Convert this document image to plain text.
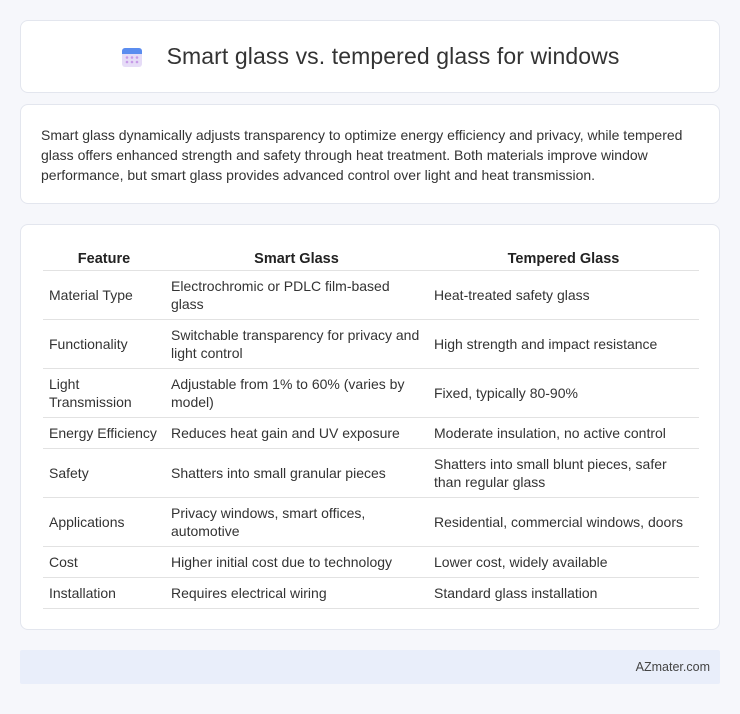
Smart glass vs. tempered glass for windows

Smart glass dynamically adjusts transparency to optimize energy efficiency and privacy, while tempered glass offers enhanced strength and safety through heat treatment. Both materials improve window performance, but smart glass provides advanced control over light and heat transmission.

Feature	Smart Glass	Tempered Glass
Material Type	Electrochromic or PDLC film-based glass	Heat-treated safety glass
Functionality	Switchable transparency for privacy and light control	High strength and impact resistance
Light Transmission	Adjustable from 1% to 60% (varies by model)	Fixed, typically 80-90%
Energy Efficiency	Reduces heat gain and UV exposure	Moderate insulation, no active control
Safety	Shatters into small granular pieces	Shatters into small blunt pieces, safer than regular glass
Applications	Privacy windows, smart offices, automotive	Residential, commercial windows, doors
Cost	Higher initial cost due to technology	Lower cost, widely available
Installation	Requires electrical wiring	Standard glass installation
AZmater.com
